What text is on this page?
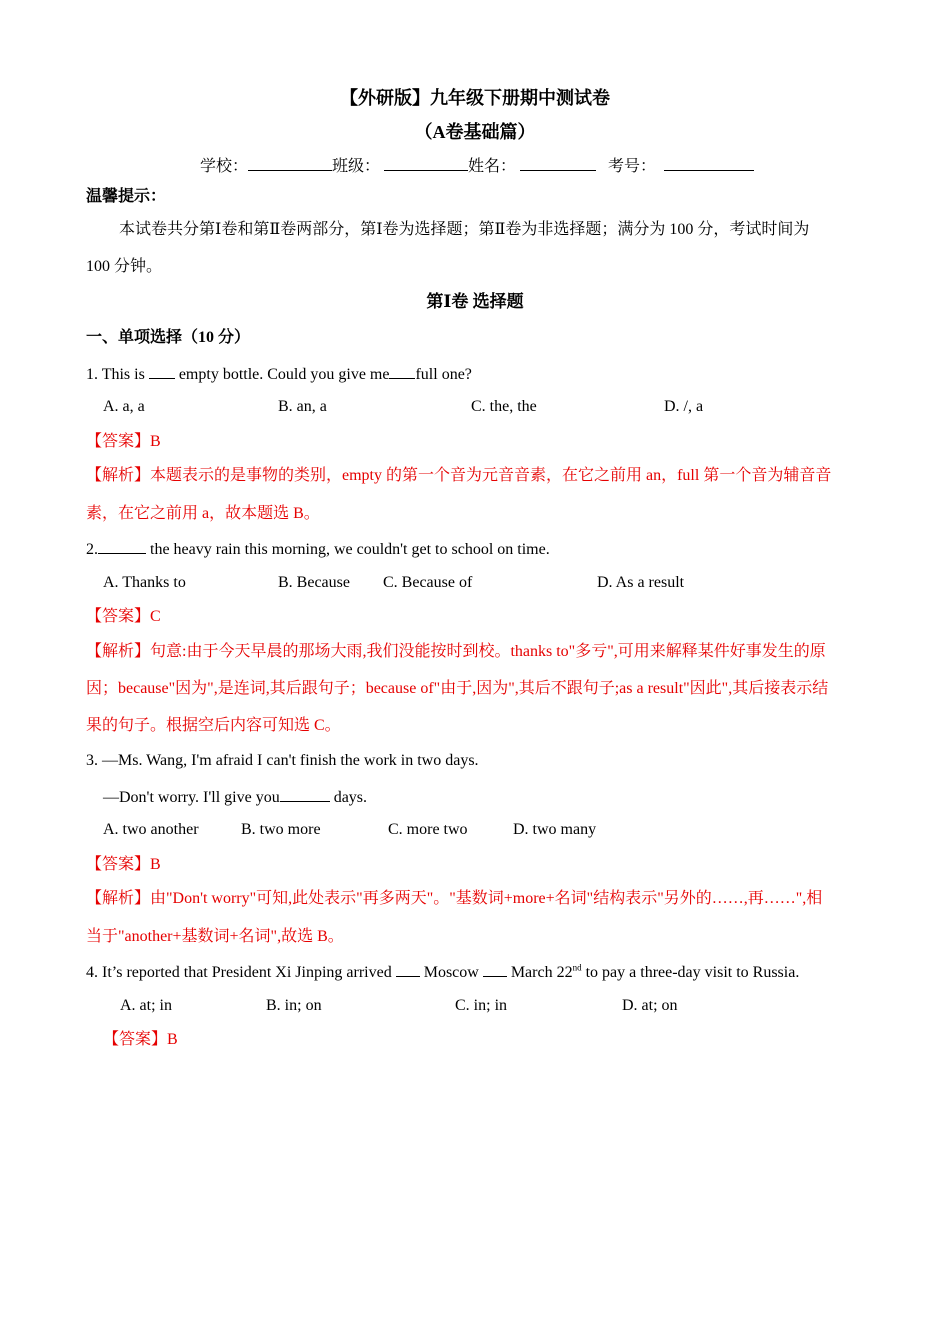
【外研版】九年级下册期中测试卷
（A卷基础篇）
学校：	班级：	姓名：	考号：
温馨提示：
本试卷共分第Ⅰ卷和第Ⅱ卷两部分，第Ⅰ卷为选择题；第Ⅱ卷为非选择题；满分为 100 分，考试时间为
100 分钟。
第Ⅰ卷 选择题
一、单项选择（10 分）
1. This is  empty bottle. Could you give me full one?
A. a, a	B. an, a	C. the, the	D. /, a
【答案】B
【解析】本题表示的是事物的类别，empty 的第一个音为元音音素，在它之前用 an，full 第一个音为辅音音
素，在它之前用 a，故本题选 B。
2.	the heavy rain this morning, we couldn't get to school on time.
A. Thanks to	B. Because C. Because of	D. As a result
【答案】C
【解析】句意:由于今天早晨的那场大雨,我们没能按时到校。thanks to"多亏",可用来解释某件好事发生的原
因；because"因为",是连词,其后跟句子；because of"由于,因为",其后不跟句子;as a result"因此",其后接表示结
果的句子。根据空后内容可知选 C。
3. —Ms. Wang, I'm afraid I can't finish the work in two days.
—Don't worry. I'll give you	days.
A. two another	B. two more	C. more two	D. two many
【答案】B
【解析】由"Don't worry"可知,此处表示"再多两天"。"基数词+more+名词"结构表示"另外的……,再……",相
当于"another+基数词+名词",故选 B。
4. It’s reported that President Xi Jinping arrived  Moscow  March 22nd to pay a three-day visit to Russia.
A. at; in	B. in; on	C. in; in	D. at; on
【答案】B
